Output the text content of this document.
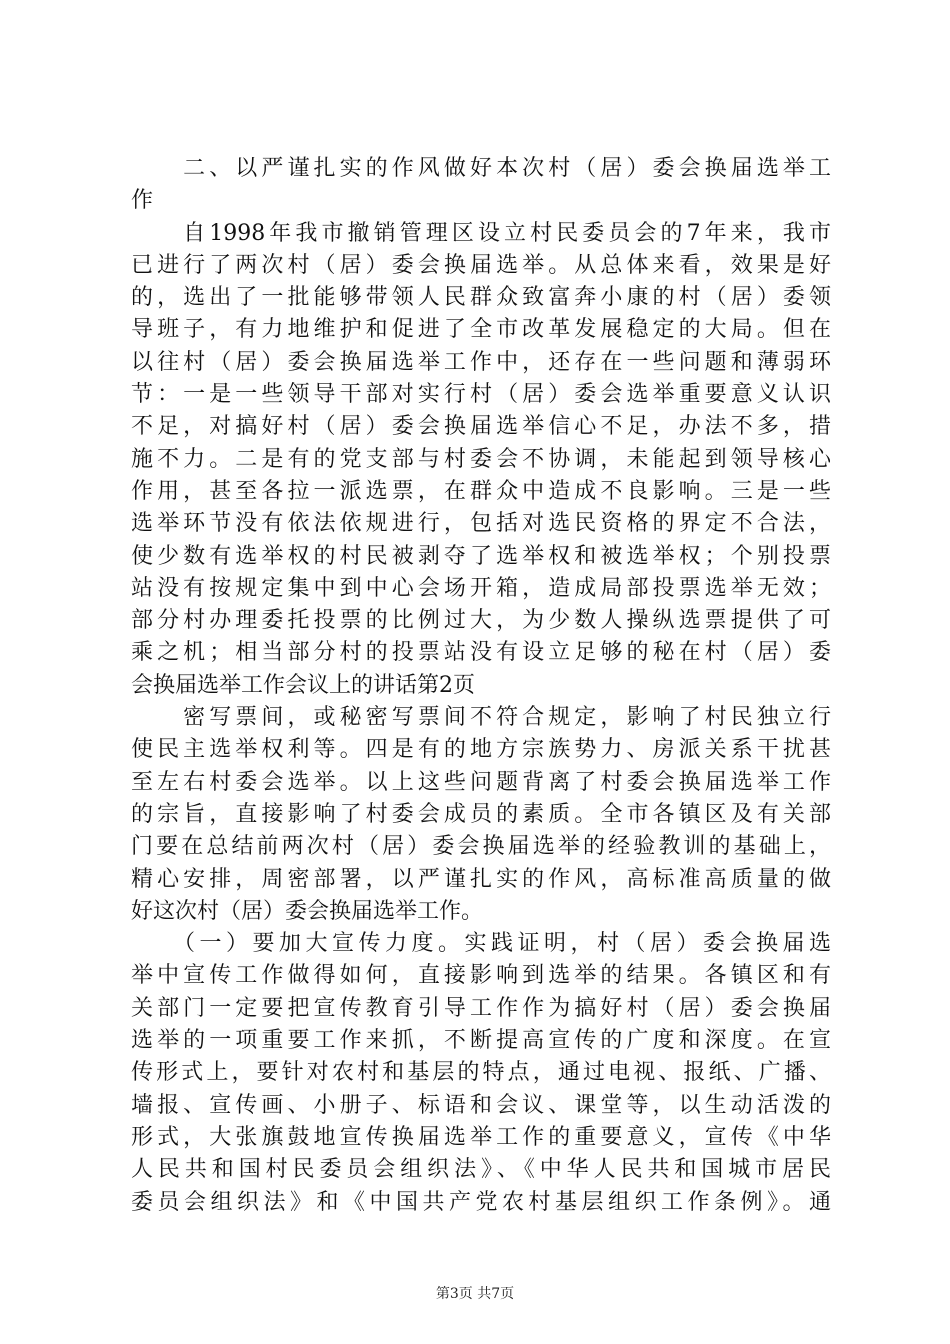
　　二、以严谨扎实的作风做好本次村（居）委会换届选举工
作
　　自1998年我市撤销管理区设立村民委员会的7年来，我市
已进行了两次村（居）委会换届选举。从总体来看，效果是好
的，选出了一批能够带领人民群众致富奔小康的村（居）委领
导班子，有力地维护和促进了全市改革发展稳定的大局。但在
以往村（居）委会换届选举工作中，还存在一些问题和薄弱环
节：一是一些领导干部对实行村（居）委会选举重要意义认识
不足，对搞好村（居）委会换届选举信心不足，办法不多，措
施不力。二是有的党支部与村委会不协调，未能起到领导核心
作用，甚至各拉一派选票，在群众中造成不良影响。三是一些
选举环节没有依法依规进行，包括对选民资格的界定不合法，
使少数有选举权的村民被剥夺了选举权和被选举权；个别投票
站没有按规定集中到中心会场开箱，造成局部投票选举无效；
部分村办理委托投票的比例过大，为少数人操纵选票提供了可
乘之机；相当部分村的投票站没有设立足够的秘在村（居）委
会换届选举工作会议上的讲话第2页
　　密写票间，或秘密写票间不符合规定，影响了村民独立行
使民主选举权利等。四是有的地方宗族势力、房派关系干扰甚
至左右村委会选举。以上这些问题背离了村委会换届选举工作
的宗旨，直接影响了村委会成员的素质。全市各镇区及有关部
门要在总结前两次村（居）委会换届选举的经验教训的基础上，
精心安排，周密部署，以严谨扎实的作风，高标准高质量的做
好这次村（居）委会换届选举工作。
　　（一）要加大宣传力度。实践证明，村（居）委会换届选
举中宣传工作做得如何，直接影响到选举的结果。各镇区和有
关部门一定要把宣传教育引导工作作为搞好村（居）委会换届
选举的一项重要工作来抓，不断提高宣传的广度和深度。在宣
传形式上，要针对农村和基层的特点，通过电视、报纸、广播、
墙报、宣传画、小册子、标语和会议、课堂等，以生动活泼的
形式，大张旗鼓地宣传换届选举工作的重要意义，宣传《中华
人民共和国村民委员会组织法》、《中华人民共和国城市居民
委员会组织法》和《中国共产党农村基层组织工作条例》。通
第3页 共7页
